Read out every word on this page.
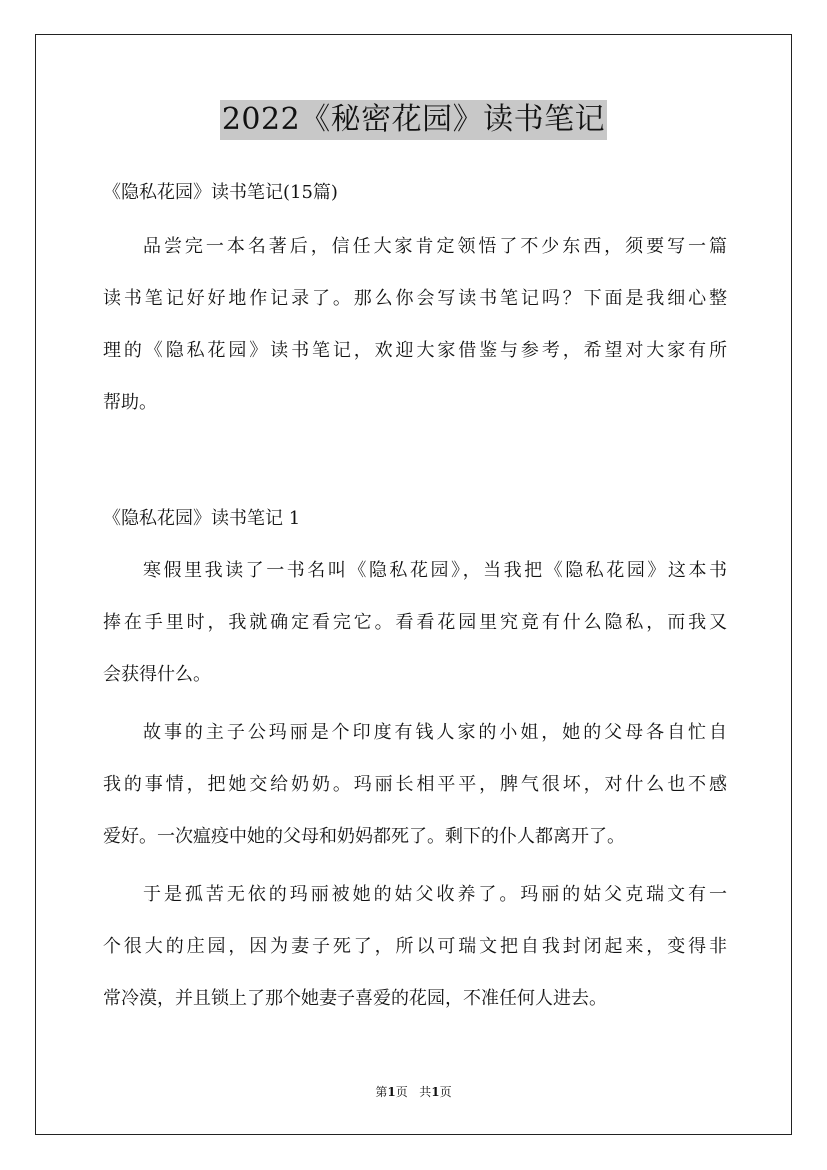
2022《秘密花园》读书笔记

《隐私花园》读书笔记(15篇)

品尝完一本名著后，信任大家肯定领悟了不少东西，须要写一篇
读书笔记好好地作记录了。那么你会写读书笔记吗？下面是我细心整
理的《隐私花园》读书笔记，欢迎大家借鉴与参考，希望对大家有所
帮助。

《隐私花园》读书笔记 1

寒假里我读了一书名叫《隐私花园》，当我把《隐私花园》这本书
捧在手里时，我就确定看完它。看看花园里究竟有什么隐私，而我又
会获得什么。
故事的主子公玛丽是个印度有钱人家的小姐，她的父母各自忙自
我的事情，把她交给奶奶。玛丽长相平平，脾气很坏，对什么也不感
爱好。一次瘟疫中她的父母和奶妈都死了。剩下的仆人都离开了。
于是孤苦无依的玛丽被她的姑父收养了。玛丽的姑父克瑞文有一
个很大的庄园，因为妻子死了，所以可瑞文把自我封闭起来，变得非
常冷漠，并且锁上了那个她妻子喜爱的花园，不准任何人进去。
第1页 共1页
